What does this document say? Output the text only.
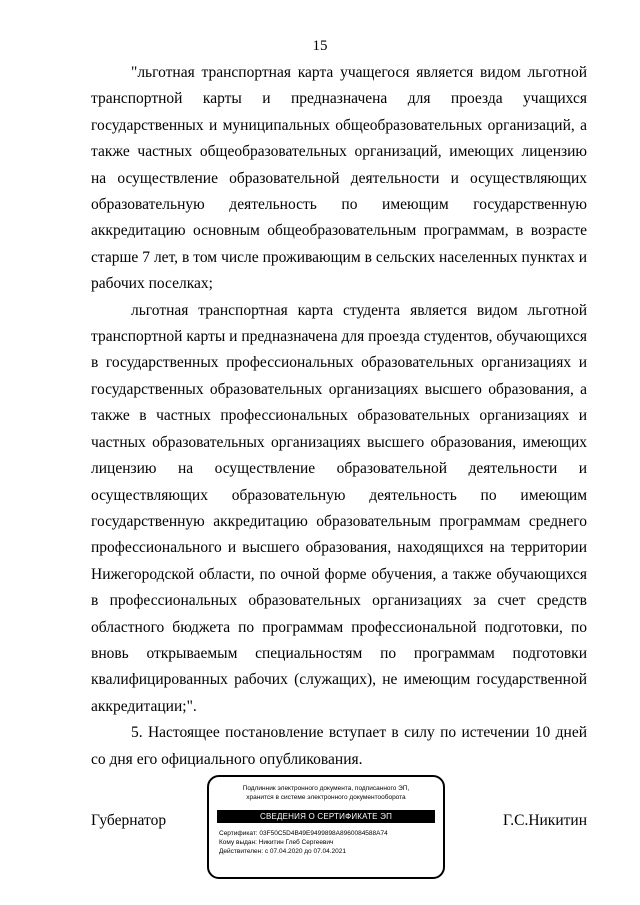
15

"льготная транспортная карта учащегося является видом льготной транспортной карты и предназначена для проезда учащихся государственных и муниципальных общеобразовательных организаций, а также частных общеобразовательных организаций, имеющих лицензию на осуществление образовательной деятельности и осуществляющих образовательную деятельность по имеющим государственную аккредитацию основным общеобразовательным программам, в возрасте старше 7 лет, в том числе проживающим в сельских населенных пунктах и рабочих поселках;

льготная транспортная карта студента является видом льготной транспортной карты и предназначена для проезда студентов, обучающихся в государственных профессиональных образовательных организациях и государственных образовательных организациях высшего образования, а также в частных профессиональных образовательных организациях и частных образовательных организациях высшего образования, имеющих лицензию на осуществление образовательной деятельности и осуществляющих образовательную деятельность по имеющим государственную аккредитацию образовательным программам среднего профессионального и высшего образования, находящихся на территории Нижегородской области, по очной форме обучения, а также обучающихся в профессиональных образовательных организациях за счет средств областного бюджета по программам профессиональной подготовки, по вновь открываемым специальностям по программам подготовки квалифицированных рабочих (служащих), не имеющим государственной аккредитации;".

5. Настоящее постановление вступает в силу по истечении 10 дней со дня его официального опубликования.

Губернатор	Г.С.Никитин
Подлинник электронного документа, подписанного ЭП,
хранится в системе электронного документооборота
СВЕДЕНИЯ О СЕРТИФИКАТЕ ЭП
Сертификат: 03F50C5D4B49E9499898A8960084588A74
Кому выдан: Никитин Глеб Сергеевич
Действителен: с 07.04.2020 до 07.04.2021
